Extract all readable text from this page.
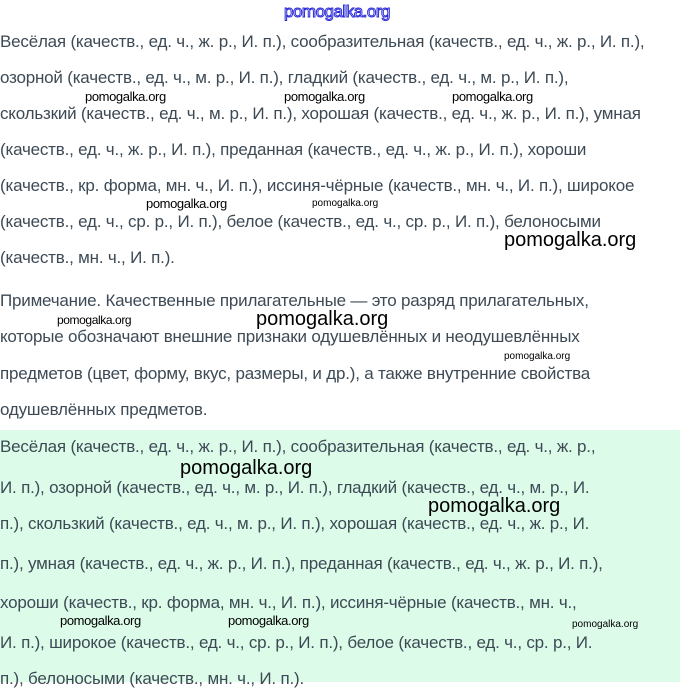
pomogalka.org
Весёлая (качеств., ед. ч., ж. р., И. п.), сообразительная (качеств., ед. ч., ж. р., И. п.),
озорной (качеств., ед. ч., м. р., И. п.), гладкий (качеств., ед. ч., м. р., И. п.),
скользкий (качеств., ед. ч., м. р., И. п.), хорошая (качеств., ед. ч., ж. р., И. п.), умная
(качеств., ед. ч., ж. р., И. п.), преданная (качеств., ед. ч., ж. р., И. п.), хороши
(качеств., кр. форма, мн. ч., И. п.), иссиня-чёрные (качеств., мн. ч., И. п.), широкое
(качеств., ед. ч., ср. р., И. п.), белое (качеств., ед. ч., ср. р., И. п.), белоносыми
(качеств., мн. ч., И. п.).
Примечание. Качественные прилагательные — это разряд прилагательных,
которые обозначают внешние признаки одушевлённых и неодушевлённых
предметов (цвет, форму, вкус, размеры, и др.), а также внутренние свойства
одушевлённых предметов.
Весёлая (качеств., ед. ч., ж. р., И. п.), сообразительная (качеств., ед. ч., ж. р.,
И. п.), озорной (качеств., ед. ч., м. р., И. п.), гладкий (качеств., ед. ч., м. р., И.
п.), скользкий (качеств., ед. ч., м. р., И. п.), хорошая (качеств., ед. ч., ж. р., И.
п.), умная (качеств., ед. ч., ж. р., И. п.), преданная (качеств., ед. ч., ж. р., И. п.),
хороши (качеств., кр. форма, мн. ч., И. п.), иссиня-чёрные (качеств., мн. ч.,
И. п.), широкое (качеств., ед. ч., ср. р., И. п.), белое (качеств., ед. ч., ср. р., И.
п.), белоносыми (качеств., мн. ч., И. п.).
pomogalka.org	pomogalka.org	pomogalka.org
pomogalka.org	pomogalka.org
pomogalka.org
pomogalka.org	pomogalka.org
pomogalka.org
pomogalka.org
pomogalka.org
pomogalka.org	pomogalka.org	pomogalka.org
